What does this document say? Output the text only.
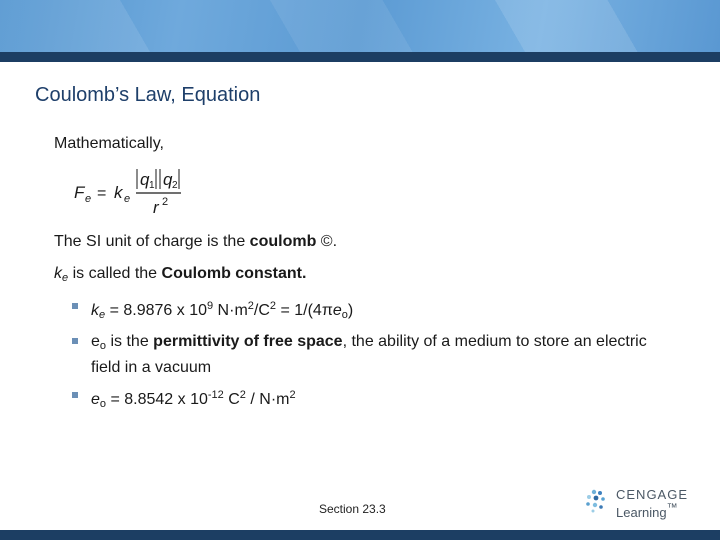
Coulomb’s Law, Equation
Mathematically,
F e = k e
q 1 q 2
r 2
The SI unit of charge is the coulomb ©.
$k_e$ is called the Coulomb constant.
$k_e = 8.9876$ x $10^9$ $N\cdot m^2/C^2 = 1/(4\pi e_o)$
$e_o$ is the permittivity of free space, the ability of a medium to store an electric field in a vacuum
$e_o = 8.8542$ x $10^{-12}$ $C^2 / N\cdot m^2$
Section 23.3
CENGAGE
Learning™
